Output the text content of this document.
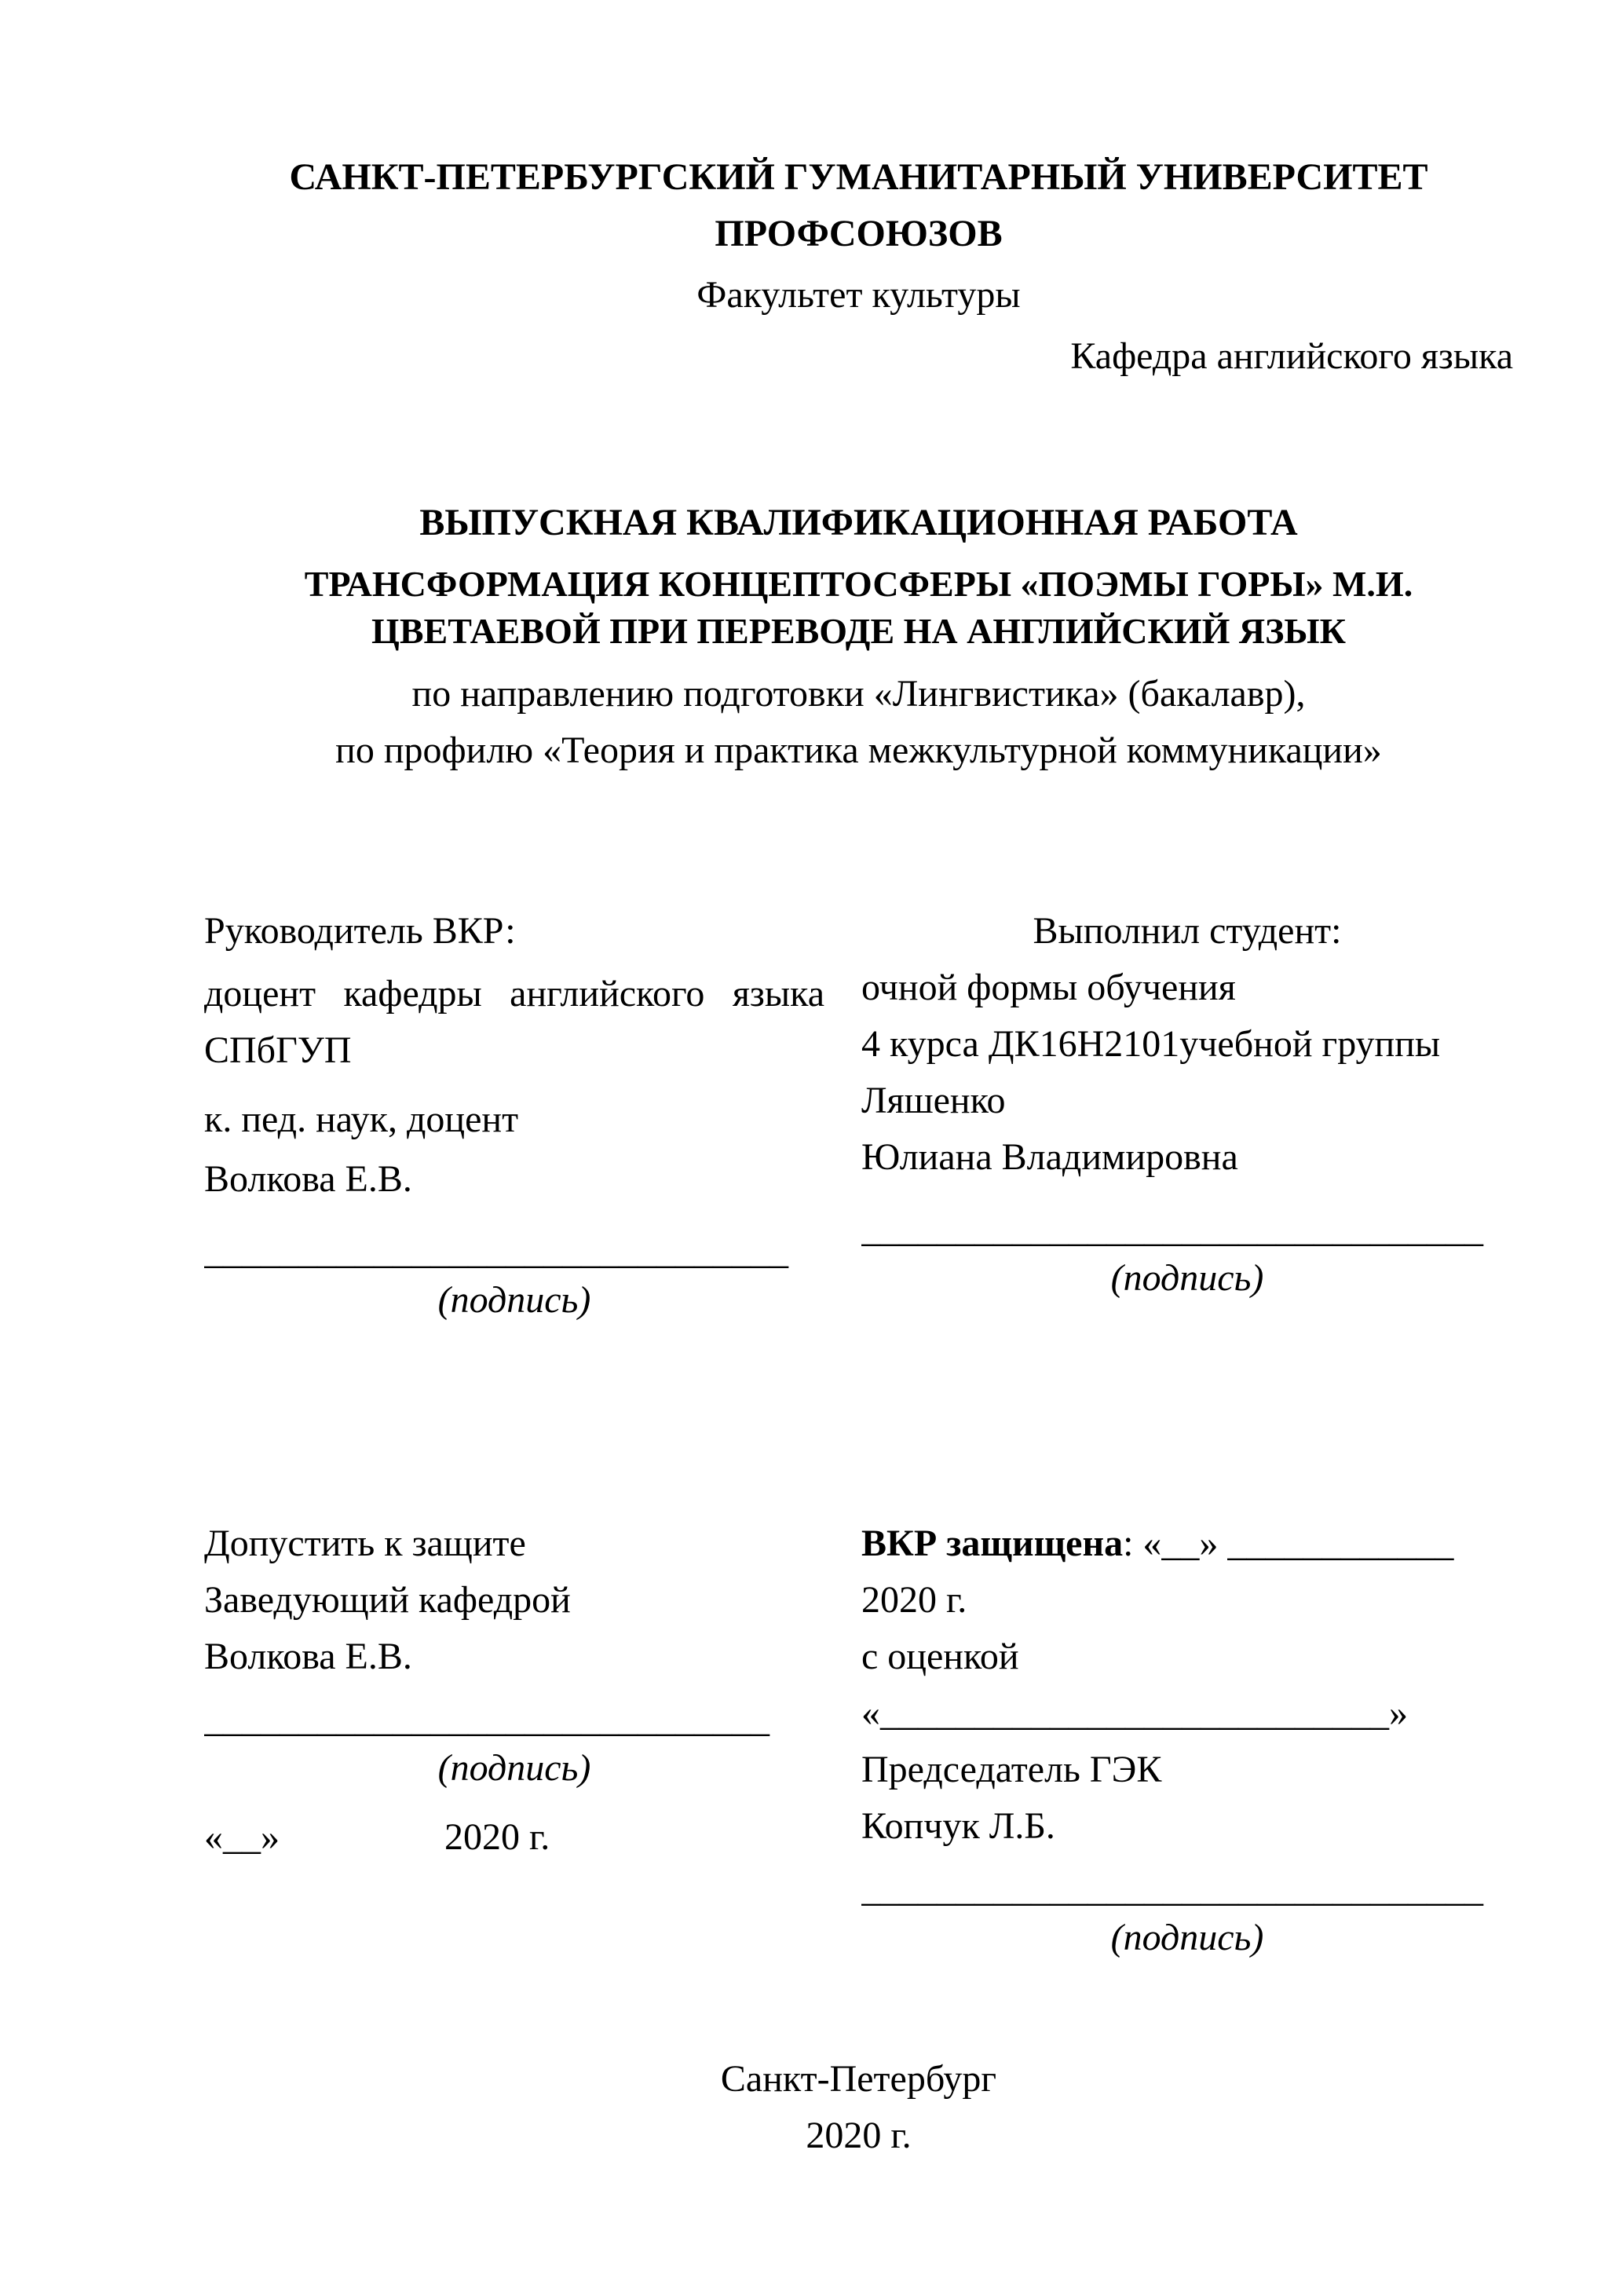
САНКТ-ПЕТЕРБУРГСКИЙ ГУМАНИТАРНЫЙ УНИВЕРСИТЕТ ПРОФСОЮЗОВ
Факультет культуры
Кафедра английского языка
ВЫПУСКНАЯ КВАЛИФИКАЦИОННАЯ РАБОТА
ТРАНСФОРМАЦИЯ КОНЦЕПТОСФЕРЫ «ПОЭМЫ ГОРЫ» М.И. ЦВЕТАЕВОЙ ПРИ ПЕРЕВОДЕ НА АНГЛИЙСКИЙ ЯЗЫК
по направлению подготовки «Лингвистика» (бакалавр),
по профилю «Теория и практика межкультурной коммуникации»
Руководитель ВКР:
доцент кафедры английского языка СПбГУП
к. пед. наук, доцент
Волкова Е.В.
_______________________________
(подпись)
Выполнил студент:
очной формы обучения
4 курса ДК16Н2101учебной группы
Ляшенко
Юлиана Владимировна
_________________________________
(подпись)
Допустить к защите
Заведующий кафедрой
Волкова Е.В.
______________________________
(подпись)
«__»	2020 г.
ВКР защищена: «__» ____________ 2020 г.
с оценкой «___________________________»
Председатель ГЭК
Копчук Л.Б.
_________________________________
(подпись)
Санкт-Петербург
2020 г.
